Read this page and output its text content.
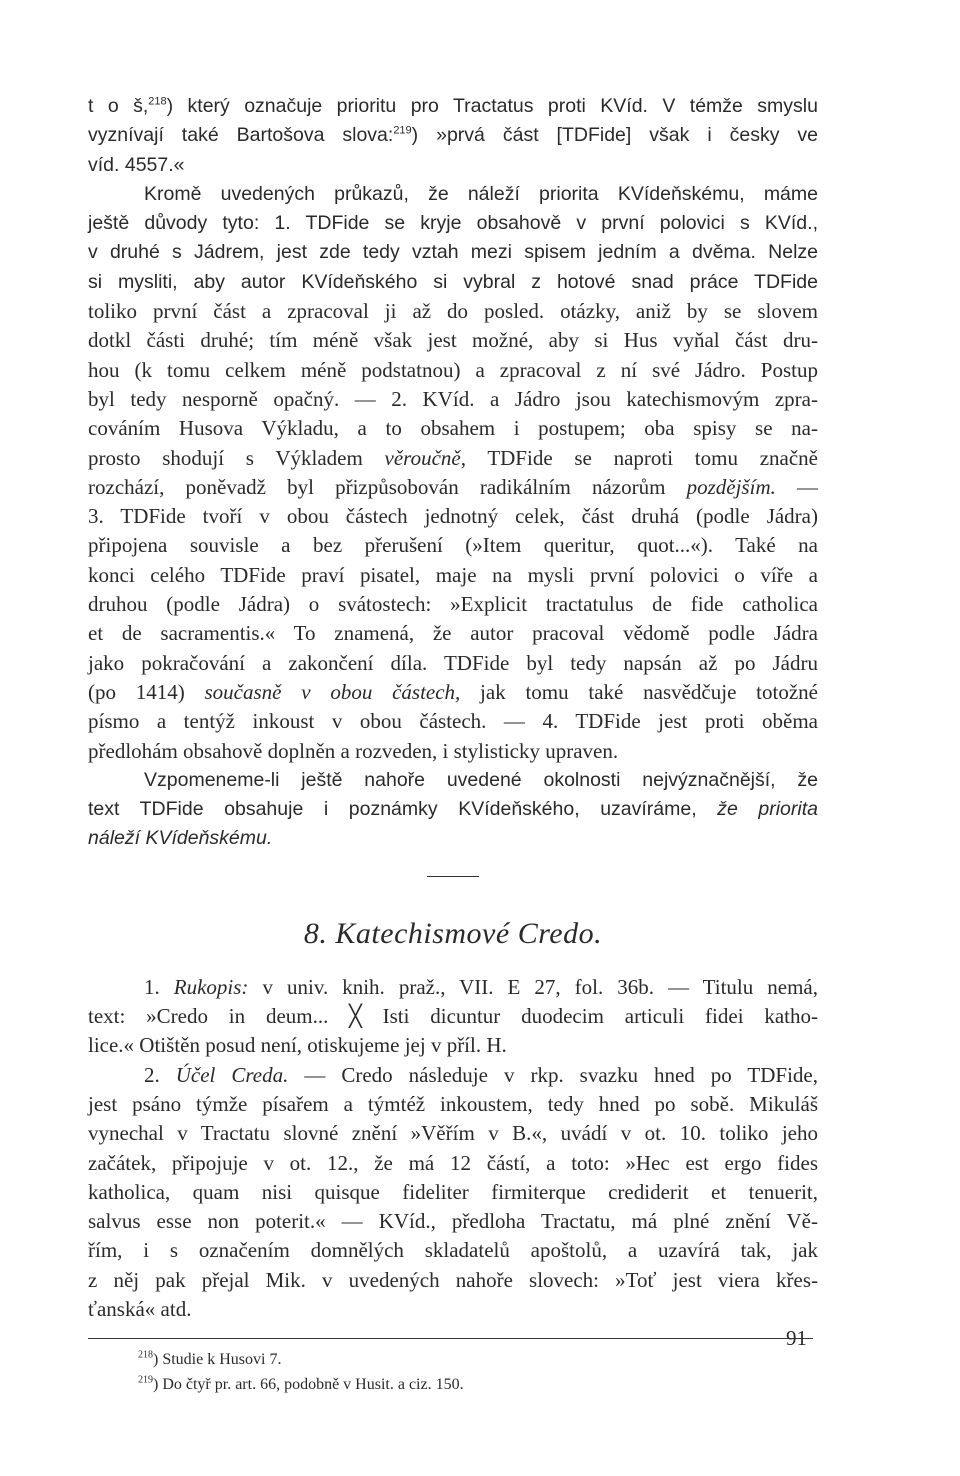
t o š,$^{218}$) který označuje prioritu pro Tractatus proti KVíd. V témže smyslu
vyznívají také Bartošova slova:$^{219}$) »prvá část [TDFide] však i česky ve
víd. 4557.«
Kromě uvedených průkazů, že náleží priorita KVídeňskému, máme
ještě důvody tyto: 1. TDFide se kryje obsahově v první polovici s KVíd.,
v druhé s Jádrem, jest zde tedy vztah mezi spisem jedním a dvěma. Nelze
si mysliti, aby autor KVídeňského si vybral z hotové snad práce TDFide
toliko první část a zpracoval ji až do posled. otázky, aniž by se slovem
dotkl části druhé; tím méně však jest možné, aby si Hus vyňal část dru-
hou (k tomu celkem méně podstatnou) a zpracoval z ní své Jádro. Postup
byl tedy nesporně opačný. — 2. KVíd. a Jádro jsou katechismovým zpra-
cováním Husova Výkladu, a to obsahem i postupem; oba spisy se na-
prosto shodují s Výkladem věroučně, TDFide se naproti tomu značně
rozchází, poněvadž byl přizpůsobován radikálním názorům pozdějším. —
3. TDFide tvoří v obou částech jednotný celek, část druhá (podle Jádra)
připojena souvisle a bez přerušení (»Item queritur, quot...«). Také na
konci celého TDFide praví pisatel, maje na mysli první polovici o víře a
druhou (podle Jádra) o svátostech: »Explicit tractatulus de fide catholica
et de sacramentis.« To znamená, že autor pracoval vědomě podle Jádra
jako pokračování a zakončení díla. TDFide byl tedy napsán až po Jádru
(po 1414) současně v obou částech, jak tomu také nasvědčuje totožné
písmo a tentýž inkoust v obou částech. — 4. TDFide jest proti oběma
předlohám obsahově doplněn a rozveden, i stylisticky upraven.
Vzpomeneme-li ještě nahoře uvedené okolnosti nejvýznačnější, že
text TDFide obsahuje i poznámky KVídeňského, uzavíráme, že priorita
náleží KVídeňskému.
8. Katechismové Credo.
1. Rukopis: v univ. knih. praž., VII. E 27, fol. 36b. — Titulu nemá,
text: »Credo in deum... ╳ Isti dicuntur duodecim articuli fidei katho-
lice.« Otištěn posud není, otiskujeme jej v příl. H.
2. Účel Creda. — Credo následuje v rkp. svazku hned po TDFide,
jest psáno týmže písařem a týmtéž inkoustem, tedy hned po sobě. Mikuláš
vynechal v Tractatu slovné znění »Věřím v B.«, uvádí v ot. 10. toliko jeho
začátek, připojuje v ot. 12., že má 12 částí, a toto: »Hec est ergo fides
katholica, quam nisi quisque fideliter firmiterque crediderit et tenuerit,
salvus esse non poterit.« — KVíd., předloha Tractatu, má plné znění Vě-
řím, i s označením domnělých skladatelů apoštolů, a uzavírá tak, jak
z něj pak přejal Mik. v uvedených nahoře slovech: »Toť jest viera křes-
ťanská« atd.
$^{218}$) Studie k Husovi 7.
$^{219}$) Do čtyř pr. art. 66, podobně v Husit. a ciz. 150.
91
